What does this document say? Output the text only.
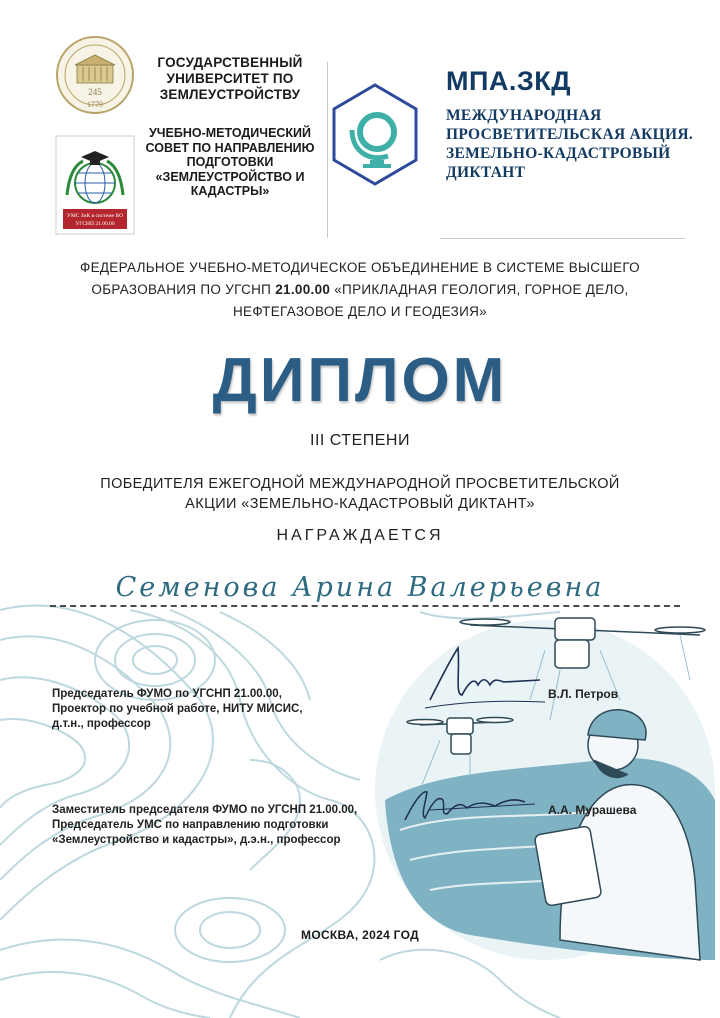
245
1779
ГОСУДАРСТВЕННЫЙ УНИВЕРСИТЕТ ПО ЗЕМЛЕУСТРОЙСТВУ
УМС ЗиК в системе ВО
УГСНП 21.00.00
УЧЕБНО-МЕТОДИЧЕСКИЙ СОВЕТ ПО НАПРАВЛЕНИЮ ПОДГОТОВКИ «ЗЕМЛЕУСТРОЙСТВО И КАДАСТРЫ»
МПА.ЗКД
МЕЖДУНАРОДНАЯ ПРОСВЕТИТЕЛЬСКАЯ АКЦИЯ. ЗЕМЕЛЬНО-КАДАСТРОВЫЙ ДИКТАНТ
ФЕДЕРАЛЬНОЕ УЧЕБНО-МЕТОДИЧЕСКОЕ ОБЪЕДИНЕНИЕ В СИСТЕМЕ ВЫСШЕГО
ОБРАЗОВАНИЯ ПО УГСНП 21.00.00 «ПРИКЛАДНАЯ ГЕОЛОГИЯ, ГОРНОЕ ДЕЛО,
НЕФТЕГАЗОВОЕ ДЕЛО И ГЕОДЕЗИЯ»
ДИПЛОМ
III СТЕПЕНИ
ПОБЕДИТЕЛЯ ЕЖЕГОДНОЙ МЕЖДУНАРОДНОЙ ПРОСВЕТИТЕЛЬСКОЙ
АКЦИИ «ЗЕМЕЛЬНО-КАДАСТРОВЫЙ ДИКТАНТ»
НАГРАЖДАЕТСЯ
Семенова Арина Валерьевна
Председатель ФУМО по УГСНП 21.00.00,
Проектор по учебной работе, НИТУ МИСИС,
д.т.н., профессор
В.Л. Петров
Заместитель председателя ФУМО по УГСНП 21.00.00,
Председатель УМС по направлению подготовки
«Землеустройство и кадастры», д.э.н., профессор
А.А. Мурашева
МОСКВА, 2024 ГОД
